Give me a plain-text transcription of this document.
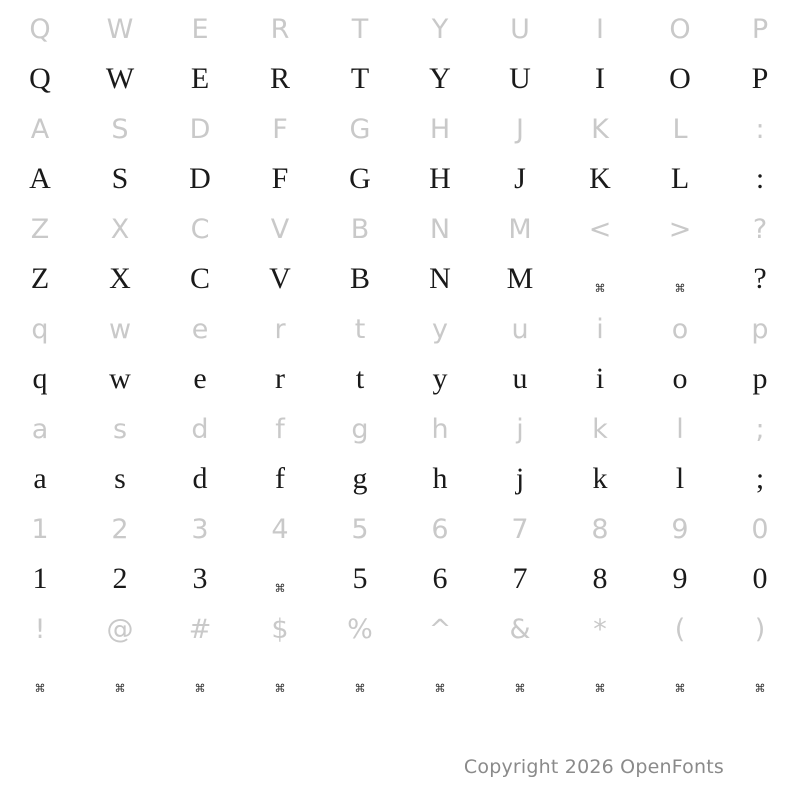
Q	W	E	R	T	Y	U	I	O	P
Q	W	E	R	T	Y	U	I	O	P
A	S	D	F	G	H	J	K	L	:
A	S	D	F	G	H	J	K	L	:
Z	X	C	V	B	N	M	<	>	?
Z	X	C	V	B	N	M	⌘	⌘	?
q	w	e	r	t	y	u	i	o	p
q	w	e	r	t	y	u	i	o	p
a	s	d	f	g	h	j	k	l	;
a	s	d	f	g	h	j	k	l	;
1	2	3	4	5	6	7	8	9	0
1	2	3	⌘	5	6	7	8	9	0
!	@	#	$	%	^	&	*	(	)
⌘	⌘	⌘	⌘	⌘	⌘	⌘	⌘	⌘	⌘
Copyright 2026 OpenFonts
